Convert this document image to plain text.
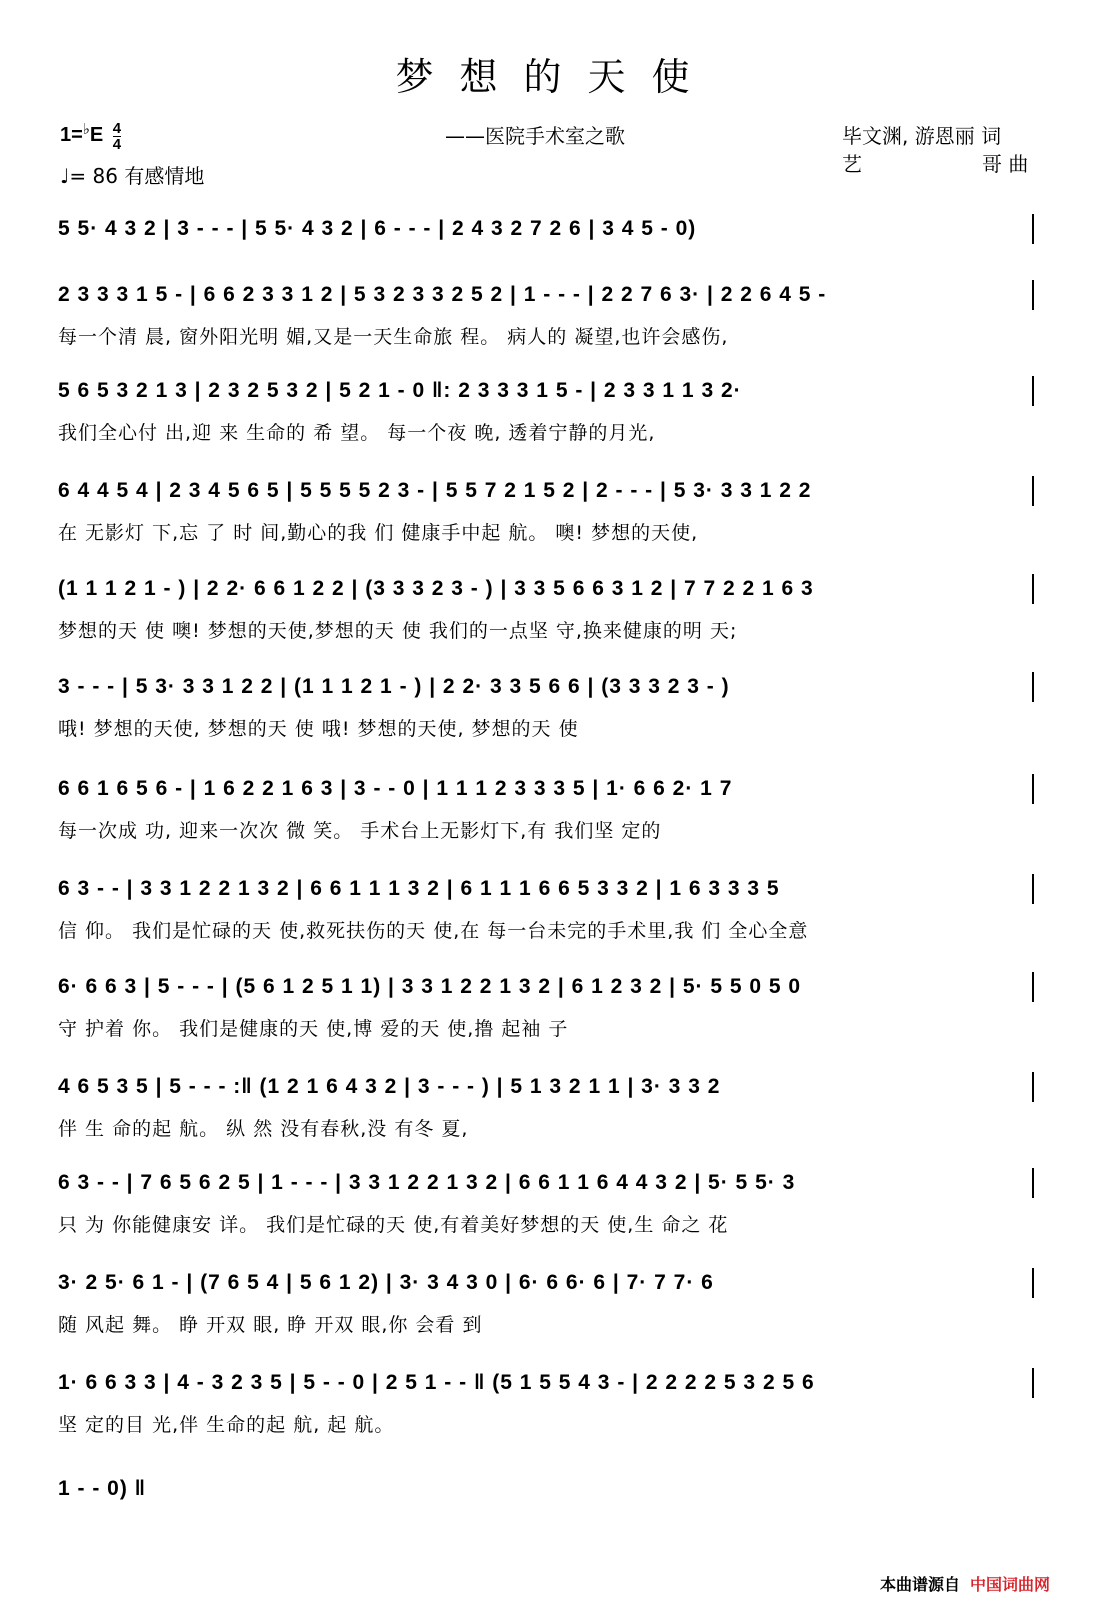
梦想的天使
$1=^♭E \frac{4}{4}$
♩= 86 有感情地
——医院手术室之歌	毕文渊, 游恩丽 词
艺	哥 曲
5 5· 4 3 2 | 3 - - - | 5 5· 4 3 2 | 6 - - - | 2 4 3 2 7 2 6 | 3 4 5 - 0)
2 3 3 3 1 5 - | 6 6 2 3 3 1 2 | 5 3 2 3 3 2 5 2 | 1 - - - | 2 2 7 6 3· | 2 2 6 4 5 -
每一个清 晨, 窗外阳光明 媚,又是一天生命旅 程。 病人的 凝望,也许会感伤,
5 6 5 3 2 1 3 | 2 3 2 5 3 2 | 5 2 1 - 0 ‖: 2 3 3 3 1 5 - | 2 3 3 1 1 3 2·
我们全心付 出,迎 来 生命的 希 望。 每一个夜 晚, 透着宁静的月光,
6 4 4 5 4 | 2 3 4 5 6 5 | 5 5 5 5 2 3 - | 5 5 7 2 1 5 2 | 2 - - - | 5 3· 3 3 1 2 2
在 无影灯 下,忘 了 时 间,勤心的我 们 健康手中起 航。 噢! 梦想的天使,
(1 1 1 2 1 - ) | 2 2· 6 6 1 2 2 | (3 3 3 2 3 - ) | 3 3 5 6 6 3 1 2 | 7 7 2 2 1 6 3
梦想的天 使 噢! 梦想的天使,梦想的天 使 我们的一点坚 守,换来健康的明 天;
3 - - - | 5 3· 3 3 1 2 2 | (1 1 1 2 1 - ) | 2 2· 3 3 5 6 6 | (3 3 3 2 3 - )
哦! 梦想的天使, 梦想的天 使 哦! 梦想的天使, 梦想的天 使
6 6 1 6 5 6 - | 1 6 2 2 1 6 3 | 3 - - 0 | 1 1 1 2 3 3 3 5 | 1· 6 6 2· 1 7
每一次成 功, 迎来一次次 微 笑。 手术台上无影灯下,有 我们坚 定的
6 3 - - | 3 3 1 2 2 1 3 2 | 6 6 1 1 1 3 2 | 6 1 1 1 6 6 5 3 3 2 | 1 6 3 3 3 5
信 仰。 我们是忙碌的天 使,救死扶伤的天 使,在 每一台未完的手术里,我 们 全心全意
6· 6 6 3 | 5 - - - | (5 6 1 2 5 1 1) | 3 3 1 2 2 1 3 2 | 6 1 2 3 2 | 5· 5 5 0 5 0
守 护着 你。 我们是健康的天 使,博 爱的天 使,撸 起袖 子
4 6 5 3 5 | 5 - - - :‖ (1 2 1 6 4 3 2 | 3 - - - ) | 5 1 3 2 1 1 | 3· 3 3 2
伴 生 命的起 航。 纵 然 没有春秋,没 有冬 夏,
6 3 - - | 7 6 5 6 2 5 | 1 - - - | 3 3 1 2 2 1 3 2 | 6 6 1 1 6 4 4 3 2 | 5· 5 5· 3
只 为 你能健康安 详。 我们是忙碌的天 使,有着美好梦想的天 使,生 命之 花
3· 2 5· 6 1 - | (7 6 5 4 | 5 6 1 2) | 3· 3 4 3 0 | 6· 6 6· 6 | 7· 7 7· 6
随 风起 舞。 睁 开双 眼, 睁 开双 眼,你 会看 到
1· 6 6 3 3 | 4 - 3 2 3 5 | 5 - - 0 | 2 5 1 - - ‖ (5 1 5 5 4 3 - | 2 2 2 2 5 3 2 5 6
坚 定的目 光,伴 生命的起 航, 起 航。
1 - - 0) ‖
本曲谱源自 中国词曲网
